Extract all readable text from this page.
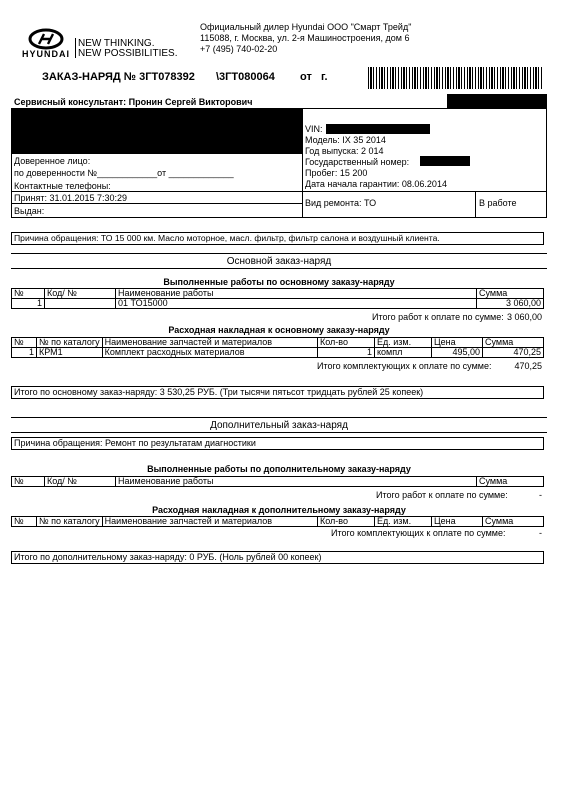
HYUNDAI
NEW THINKING.
NEW POSSIBILITIES.
Официальный дилер Hyundai ООО "Смарт Трейд"
115088, г. Москва, ул. 2-я Машиностроения, дом 6
+7 (495) 740-02-20
ЗАКАЗ-НАРЯД № 3ГТ078392 \3ГТ080064 от   г.
Сервисный консультант: Пронин Сергей Викторович
Доверенное лицо:
по доверенности №____________от _____________
Контактные телефоны:
Принят: 31.01.2015 7:30:29
Выдан:
VIN:
Модель: IX 35 2014
Год выпуска: 2 014
Государственный номер:
Пробег: 15 200
Дата начала гарантии: 08.06.2014
Вид ремонта: ТО	В работе
Причина обращения: ТО 15 000 км. Масло моторное, масл. фильтр, фильтр салона и воздушный клиента.
Основной заказ-наряд
Выполненные работы по основному заказу-наряду
№	Код/ №	Наименование работы	Сумма
1		01 ТО15000	3 060,00
Итого работ к оплате по сумме: 3 060,00
Расходная накладная к основному заказу-наряду
№	№ по каталогу	Наименование запчастей и материалов	Кол-во	Ед. изм.	Цена	Сумма
1	КРМ1	Комплект расходных материалов	1	компл	495,00	470,25
Итого комплектующих к оплате по сумме:	470,25
Итого по основному заказ-наряду: 3 530,25 РУБ. (Три тысячи пятьсот тридцать рублей 25 копеек)
Дополнительный заказ-наряд
Причина обращения: Ремонт по результатам диагностики
Выполненные работы по дополнительному заказу-наряду
№	Код/ №	Наименование работы	Сумма
Итого работ к оплате по сумме:	-
Расходная накладная к дополнительному заказу-наряду
№	№ по каталогу	Наименование запчастей и материалов	Кол-во	Ед. изм.	Цена	Сумма
Итого комплектующих к оплате по сумме:	-
Итого по дополнительному заказ-наряду: 0 РУБ. (Ноль рублей 00 копеек)
